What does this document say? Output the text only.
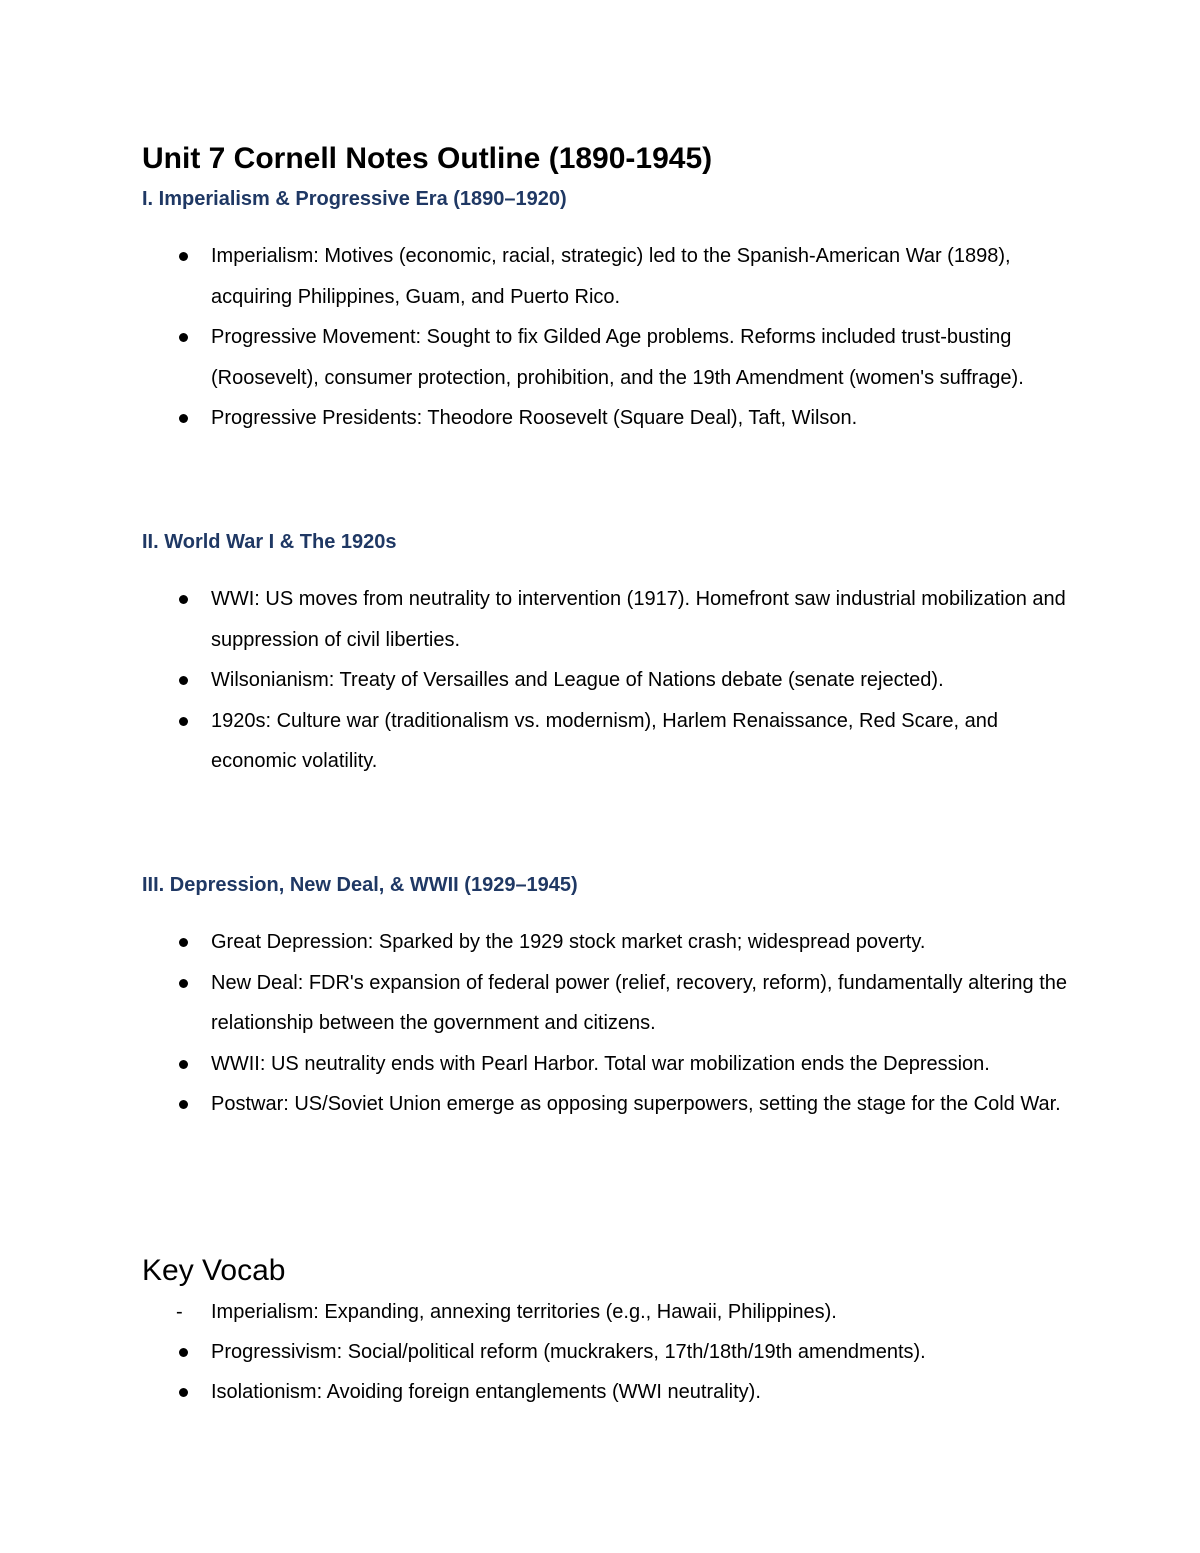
Unit 7 Cornell Notes Outline (1890-1945)
I. Imperialism & Progressive Era (1890–1920)
Imperialism: Motives (economic, racial, strategic) led to the Spanish-American War (1898), acquiring Philippines, Guam, and Puerto Rico.
Progressive Movement: Sought to fix Gilded Age problems. Reforms included trust-busting (Roosevelt), consumer protection, prohibition, and the 19th Amendment (women's suffrage).
Progressive Presidents: Theodore Roosevelt (Square Deal), Taft, Wilson.
II. World War I & The 1920s
WWI: US moves from neutrality to intervention (1917). Homefront saw industrial mobilization and suppression of civil liberties.
Wilsonianism: Treaty of Versailles and League of Nations debate (senate rejected).
1920s: Culture war (traditionalism vs. modernism), Harlem Renaissance, Red Scare, and economic volatility.
III. Depression, New Deal, & WWII (1929–1945)
Great Depression: Sparked by the 1929 stock market crash; widespread poverty.
New Deal: FDR's expansion of federal power (relief, recovery, reform), fundamentally altering the relationship between the government and citizens.
WWII: US neutrality ends with Pearl Harbor. Total war mobilization ends the Depression.
Postwar: US/Soviet Union emerge as opposing superpowers, setting the stage for the Cold War.
Key Vocab
- Imperialism: Expanding, annexing territories (e.g., Hawaii, Philippines).
Progressivism: Social/political reform (muckrakers, 17th/18th/19th amendments).
Isolationism: Avoiding foreign entanglements (WWI neutrality).
